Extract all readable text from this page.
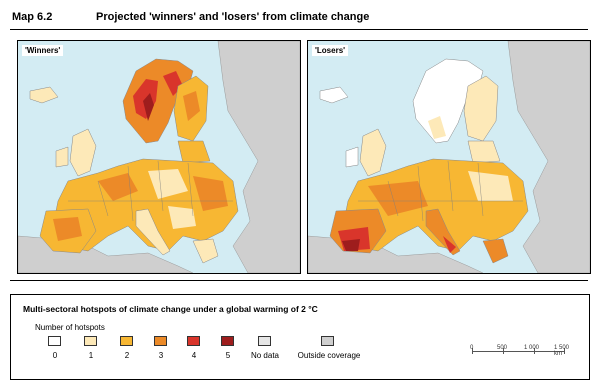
Map 6.2	Projected 'winners' and 'losers' from climate change
'Winners'	'Losers'
Multi-sectoral hotspots of climate change under a global warming of 2 °C
Number of hotspots
0	1	2	3	4	5	No data	Outside coverage
0	500	1 000 1 500 km
